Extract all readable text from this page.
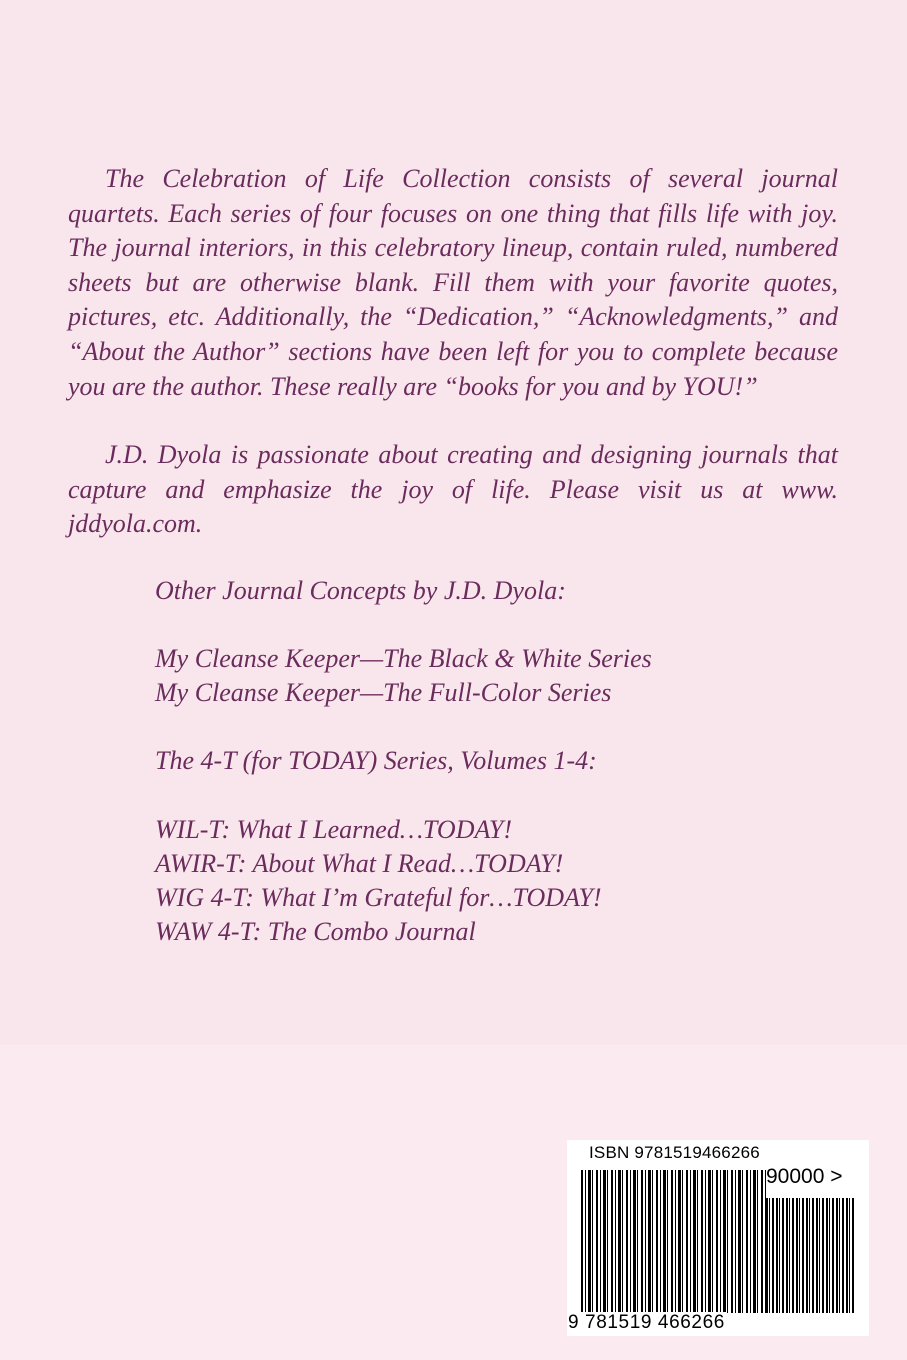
The Celebration of Life Collection consists of several journal quartets. Each series of four focuses on one thing that fills life with joy. The journal interiors, in this celebratory lineup, contain ruled, numbered sheets but are otherwise blank. Fill them with your favorite quotes, pictures, etc. Additionally, the “Dedication,” “Acknowledgments,” and “About the Author” sections have been left for you to complete because you are the author. These really are “books for you and by YOU!”

J.D. Dyola is passionate about creating and designing journals that capture and emphasize the joy of life. Please visit us at www. jddyola.com.

Other Journal Concepts by J.D. Dyola:
My Cleanse Keeper—The Black & White Series
My Cleanse Keeper—The Full-Color Series
The 4-T (for TODAY) Series, Volumes 1-4:
WIL-T: What I Learned…TODAY!
AWIR-T: About What I Read…TODAY!
WIG 4-T: What I’m Grateful for…TODAY!
WAW 4-T: The Combo Journal
ISBN 9781519466266
90000 >
9 781519 466266
